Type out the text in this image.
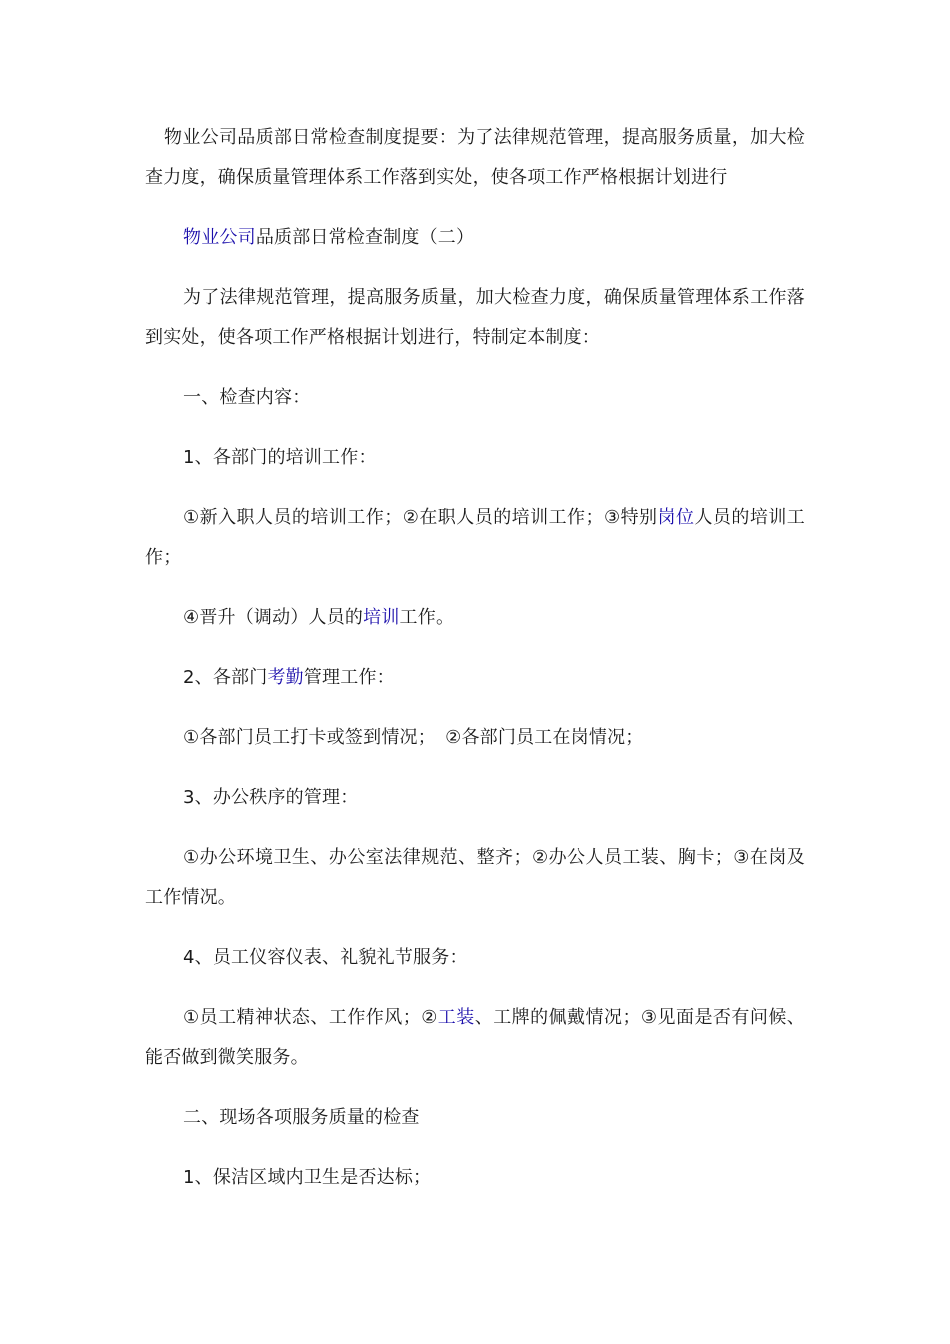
物业公司品质部日常检查制度提要：为了法律规范管理，提高服务质量，加大检查力度，确保质量管理体系工作落到实处，使各项工作严格根据计划进行

物业公司品质部日常检查制度（二）

为了法律规范管理，提高服务质量，加大检查力度，确保质量管理体系工作落到实处，使各项工作严格根据计划进行，特制定本制度：

一、检查内容：

1、各部门的培训工作：

①新入职人员的培训工作；②在职人员的培训工作；③特别岗位人员的培训工作；

④晋升（调动）人员的培训工作。

2、各部门考勤管理工作：

①各部门员工打卡或签到情况；　②各部门员工在岗情况；

3、办公秩序的管理：

①办公环境卫生、办公室法律规范、整齐；②办公人员工装、胸卡；③在岗及工作情况。

4、员工仪容仪表、礼貌礼节服务：

①员工精神状态、工作作风；②工装、工牌的佩戴情况；③见面是否有问候、能否做到微笑服务。

二、现场各项服务质量的检查

1、保洁区域内卫生是否达标；
